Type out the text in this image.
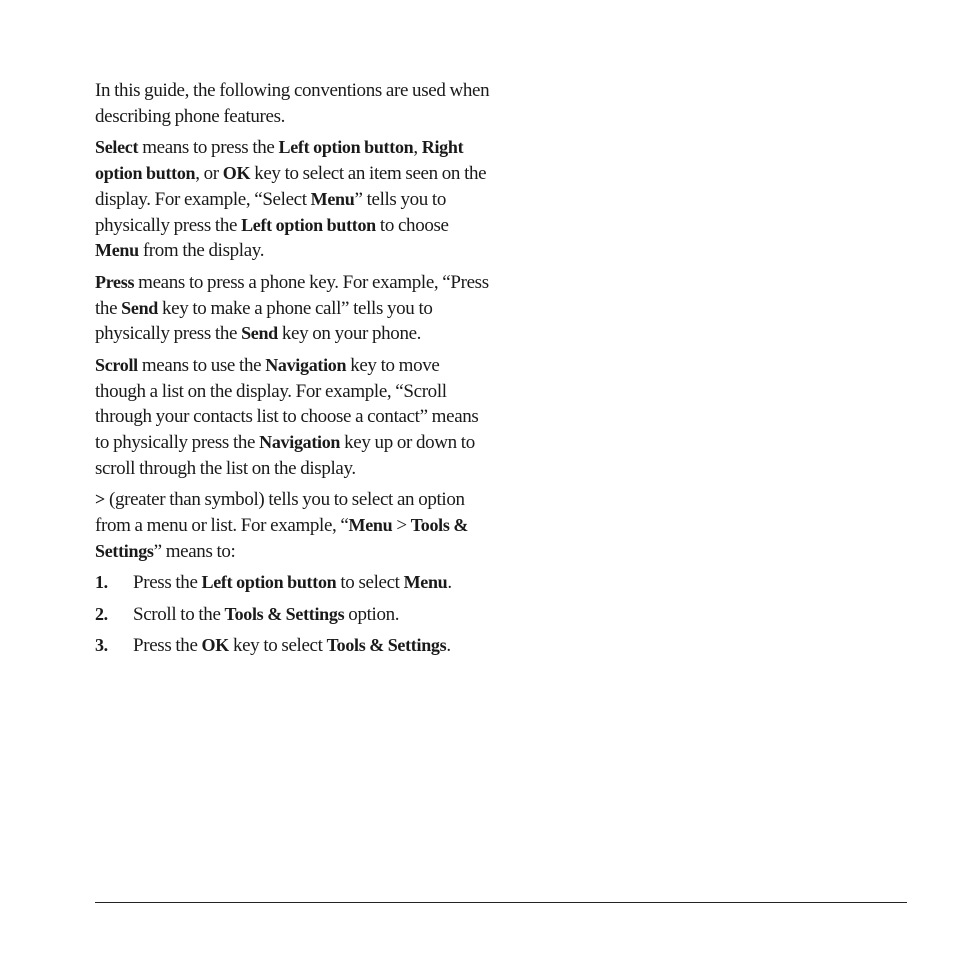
In this guide, the following conventions are used when describing phone features.

Select means to press the Left option button, Right option button, or OK key to select an item seen on the display. For example, “Select Menu” tells you to physically press the Left option button to choose Menu from the display.

Press means to press a phone key. For example, “Press the Send key to make a phone call” tells you to physically press the Send key on your phone.

Scroll means to use the Navigation key to move though a list on the display. For example, “Scroll through your contacts list to choose a contact” means to physically press the Navigation key up or down to scroll through the list on the display.

> (greater than symbol) tells you to select an option from a menu or list. For example, “Menu > Tools & Settings” means to:

1. Press the Left option button to select Menu.
2. Scroll to the Tools & Settings option.
3. Press the OK key to select Tools & Settings.
